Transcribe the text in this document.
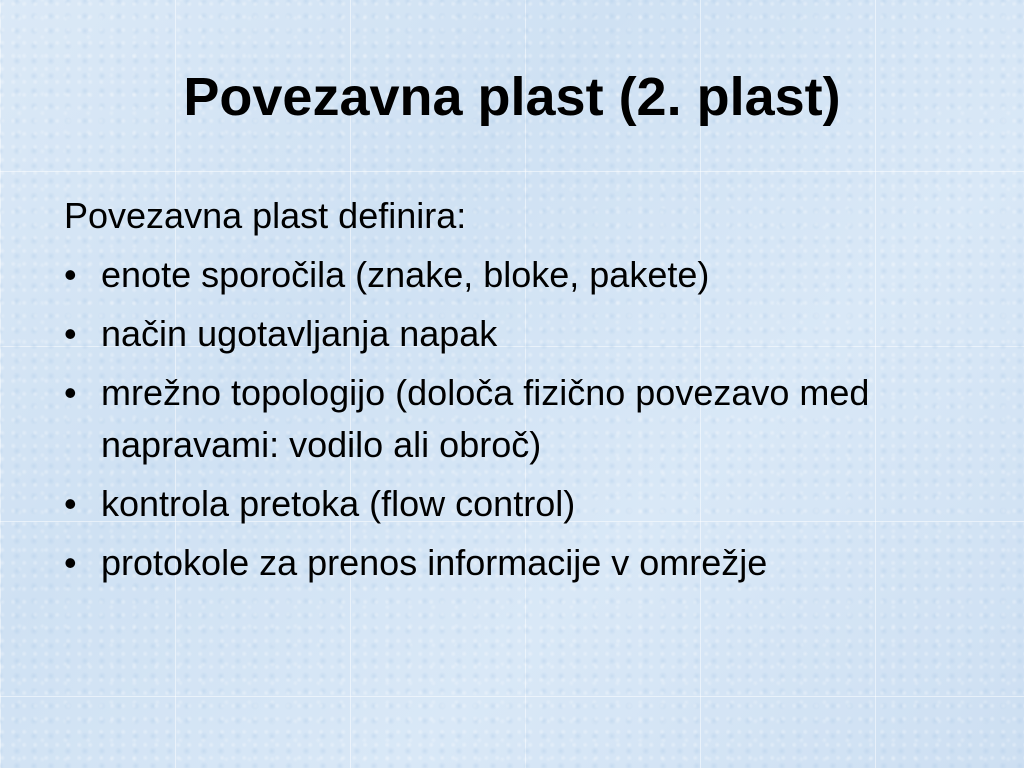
Povezavna plast (2. plast)

Povezavna plast definira:

• enote sporočila (znake, bloke, pakete)
• način ugotavljanja napak
• mrežno topologijo (določa fizično povezavo med napravami: vodilo ali obroč)
• kontrola pretoka (flow control)
• protokole za prenos informacije v omrežje
